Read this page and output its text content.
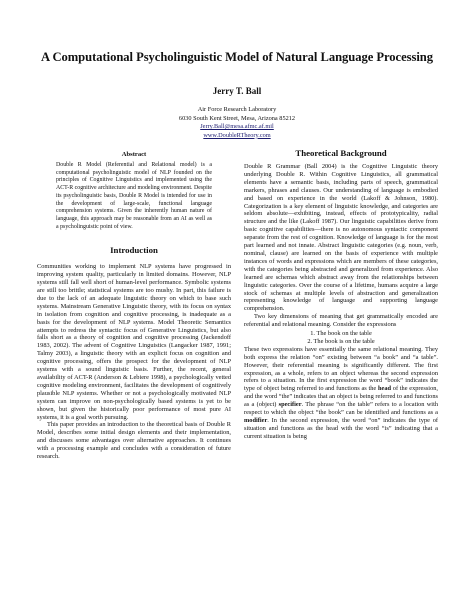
A Computational Psycholinguistic Model of Natural Language Processing
Jerry T. Ball
Air Force Research Laboratory
6030 South Kent Street, Mesa, Arizona 85212
Jerry.Ball@mesa.afmc.af.mil
www.DoubleRTheory.com
Abstract

Double R Model (Referential and Relational model) is a computational psycholinguistic model of NLP founded on the principles of Cognitive Linguistics and implemented using the ACT-R cognitive architecture and modeling environment. Despite its psycholinguistic basis, Double R Model is intended for use in the development of large-scale, functional language comprehension systems. Given the inherently human nature of language, this approach may be reasonable from an AI as well as a psycholinguistic point of view.

Introduction

Communities working to implement NLP systems have progressed in improving system quality, particularly in limited domains. However, NLP systems still fall well short of human-level performance. Symbolic systems are still too brittle; statistical systems are too mushy. In part, this failure is due to the lack of an adequate linguistic theory on which to base such systems. Mainstream Generative Linguistic theory, with its focus on syntax in isolation from cognition and cognitive processing, is inadequate as a basis for the development of NLP systems. Model Theoretic Semantics attempts to redress the syntactic focus of Generative Linguistics, but also falls short as a theory of cognition and cognitive processing (Jackendoff 1983, 2002). The advent of Cognitive Linguistics (Langacker 1987, 1991; Talmy 2003), a linguistic theory with an explicit focus on cognition and cognitive processing, offers the prospect for the development of NLP systems with a sound linguistic basis. Further, the recent, general availability of ACT-R (Anderson & Lebiere 1998), a psychologically vetted cognitive modeling environment, facilitates the development of cognitively plausible NLP systems. Whether or not a psychologically motivated NLP system can improve on non-psychologically based systems is yet to be shown, but given the historically poor performance of most pure AI systems, it is a goal worth pursuing.

This paper provides an introduction to the theoretical basis of Double R Model, describes some initial design elements and their implementation, and discusses some advantages over alternative approaches. It continues with a processing example and concludes with a consideration of future research.

Theoretical Background

Double R Grammar (Ball 2004) is the Cognitive Linguistic theory underlying Double R. Within Cognitive Linguistics, all grammatical elements have a semantic basis, including parts of speech, grammatical markers, phrases and clauses. Our understanding of language is embodied and based on experience in the world (Lakoff & Johnson, 1980). Categorization is a key element of linguistic knowledge, and categories are seldom absolute—exhibiting, instead, effects of prototypicality, radial structure and the like (Lakoff 1987). Our linguistic capabilities derive from basic cognitive capabilities—there is no autonomous syntactic component separate from the rest of cognition. Knowledge of language is for the most part learned and not innate. Abstract linguistic categories (e.g. noun, verb, nominal, clause) are learned on the basis of experience with multiple instances of words and expressions which are members of these categories, with the categories being abstracted and generalized from experience. Also learned are schemas which abstract away from the relationships between linguistic categories. Over the course of a lifetime, humans acquire a large stock of schemas at multiple levels of abstraction and generalization representing knowledge of language and supporting language comprehension.

Two key dimensions of meaning that get grammatically encoded are referential and relational meaning. Consider the expressions

1. The book on the table
2. The book is on the table

These two expressions have essentially the same relational meaning. They both express the relation “on” existing between “a book” and “a table”. However, their referential meaning is significantly different. The first expression, as a whole, refers to an object whereas the second expression refers to a situation. In the first expression the word “book” indicates the type of object being referred to and functions as the head of the expression, and the word “the” indicates that an object is being referred to and functions as a (object) specifier. The phrase “on the table” refers to a location with respect to which the object “the book” can be identified and functions as a modifier. In the second expression, the word “on” indicates the type of situation and functions as the head with the word “is” indicating that a current situation is being
